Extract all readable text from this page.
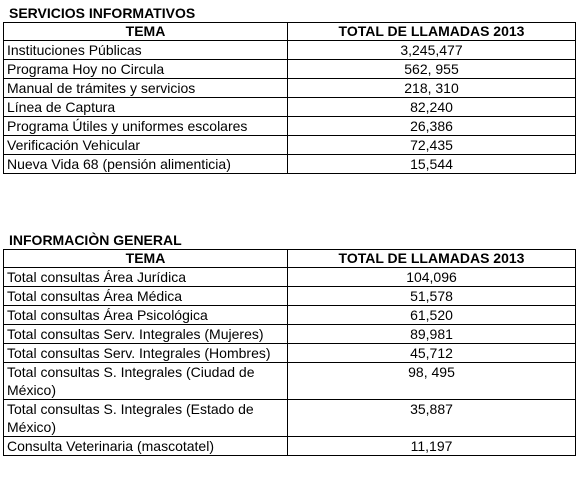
SERVICIOS INFORMATIVOS
TEMA	TOTAL DE LLAMADAS 2013
Instituciones Públicas	3,245,477
Programa Hoy no Circula	562, 955
Manual de trámites y servicios	218, 310
Línea de Captura	82,240
Programa Útiles y uniformes escolares	26,386
Verificación Vehicular	72,435
Nueva Vida 68 (pensión alimenticia)	15,544
INFORMACIÒN GENERAL
TEMA	TOTAL DE LLAMADAS 2013
Total consultas Área Jurídica	104,096
Total consultas Área Médica	51,578
Total consultas Área Psicológica	61,520
Total consultas Serv. Integrales (Mujeres)	89,981
Total consultas Serv. Integrales (Hombres)	45,712
Total consultas S. Integrales (Ciudad de México)	98, 495
Total consultas S. Integrales (Estado de México)	35,887
Consulta Veterinaria (mascotatel)	11,197
